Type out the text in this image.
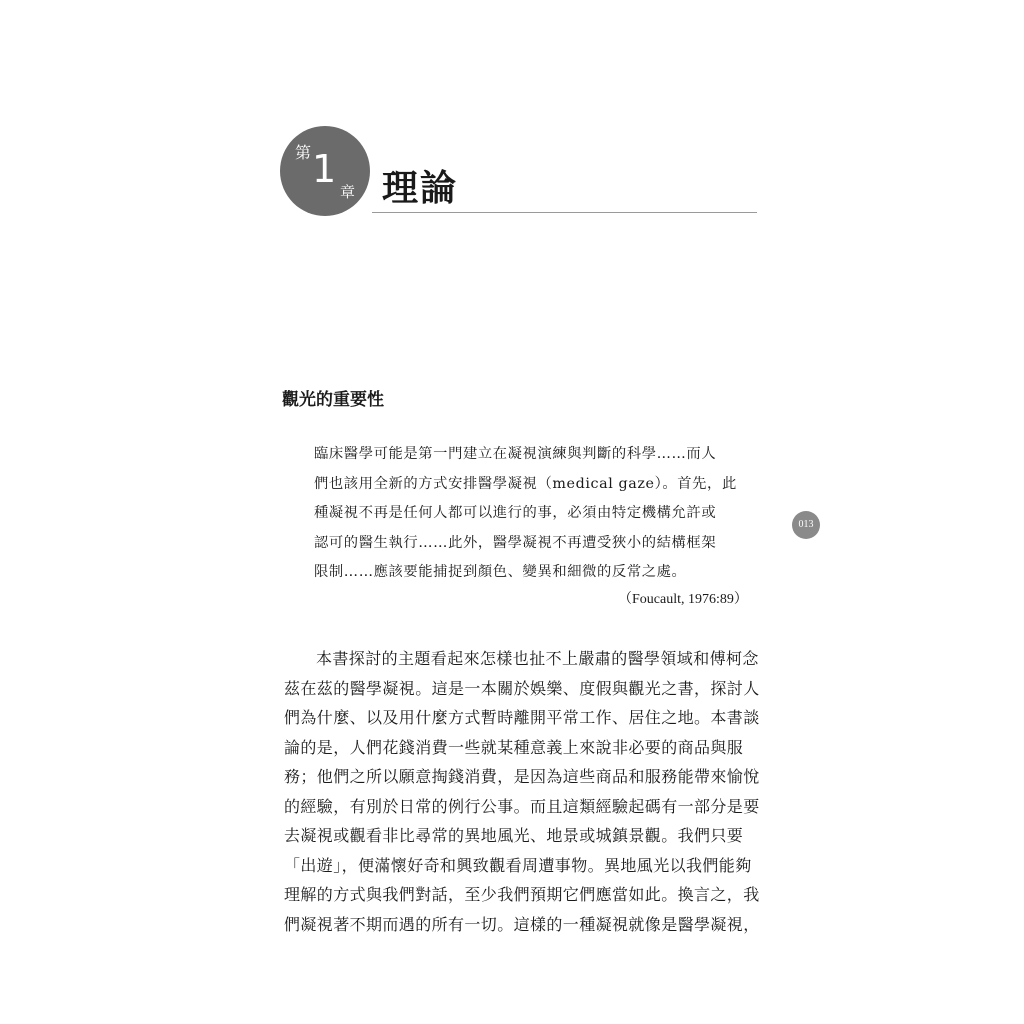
第 1
章 理論
觀光的重要性
臨床醫學可能是第一門建立在凝視演練與判斷的科學……而人
們也該用全新的方式安排醫學凝視（medical gaze）。首先，此
種凝視不再是任何人都可以進行的事，必須由特定機構允許或
認可的醫生執行……此外，醫學凝視不再遭受狹小的結構框架
限制……應該要能捕捉到顏色、變異和細微的反常之處。
（Foucault, 1976:89）
013
本書探討的主題看起來怎樣也扯不上嚴肅的醫學領域和傅柯念
茲在茲的醫學凝視。這是一本關於娛樂、度假與觀光之書，探討人
們為什麼、以及用什麼方式暫時離開平常工作、居住之地。本書談
論的是，人們花錢消費一些就某種意義上來說非必要的商品與服
務；他們之所以願意掏錢消費，是因為這些商品和服務能帶來愉悅
的經驗，有別於日常的例行公事。而且這類經驗起碼有一部分是要
去凝視或觀看非比尋常的異地風光、地景或城鎮景觀。我們只要
「出遊」，便滿懷好奇和興致觀看周遭事物。異地風光以我們能夠
理解的方式與我們對話，至少我們預期它們應當如此。換言之，我
們凝視著不期而遇的所有一切。這樣的一種凝視就像是醫學凝視，
